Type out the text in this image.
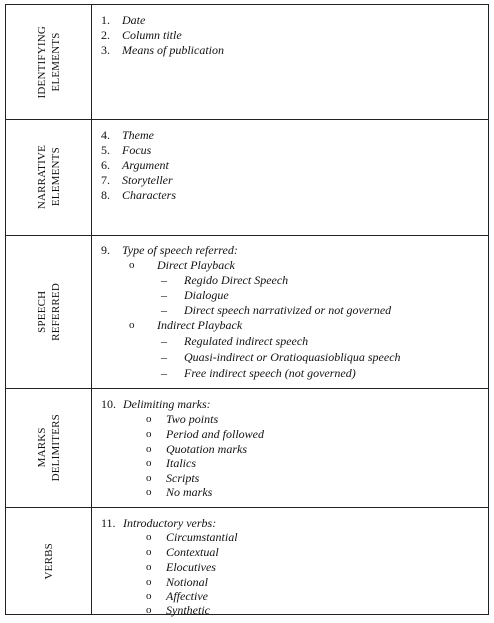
IDENTIFYING ELEMENTS
1. Date
2. Column title
3. Means of publication
NARRATIVE ELEMENTS
4. Theme
5. Focus
6. Argument
7. Storyteller
8. Characters
SPEECH REFERRED
9. Type of speech referred:
o Direct Playback
– Regido Direct Speech
– Dialogue
– Direct speech narrativized or not governed
o Indirect Playback
– Regulated indirect speech
– Quasi-indirect or Oratioquasiobliqua speech
– Free indirect speech (not governed)
MARKS DELIMITERS
10. Delimiting marks:
o Two points
o Period and followed
o Quotation marks
o Italics
o Scripts
o No marks
VERBS
11. Introductory verbs:
o Circumstantial
o Contextual
o Elocutives
o Notional
o Affective
o Synthetic
